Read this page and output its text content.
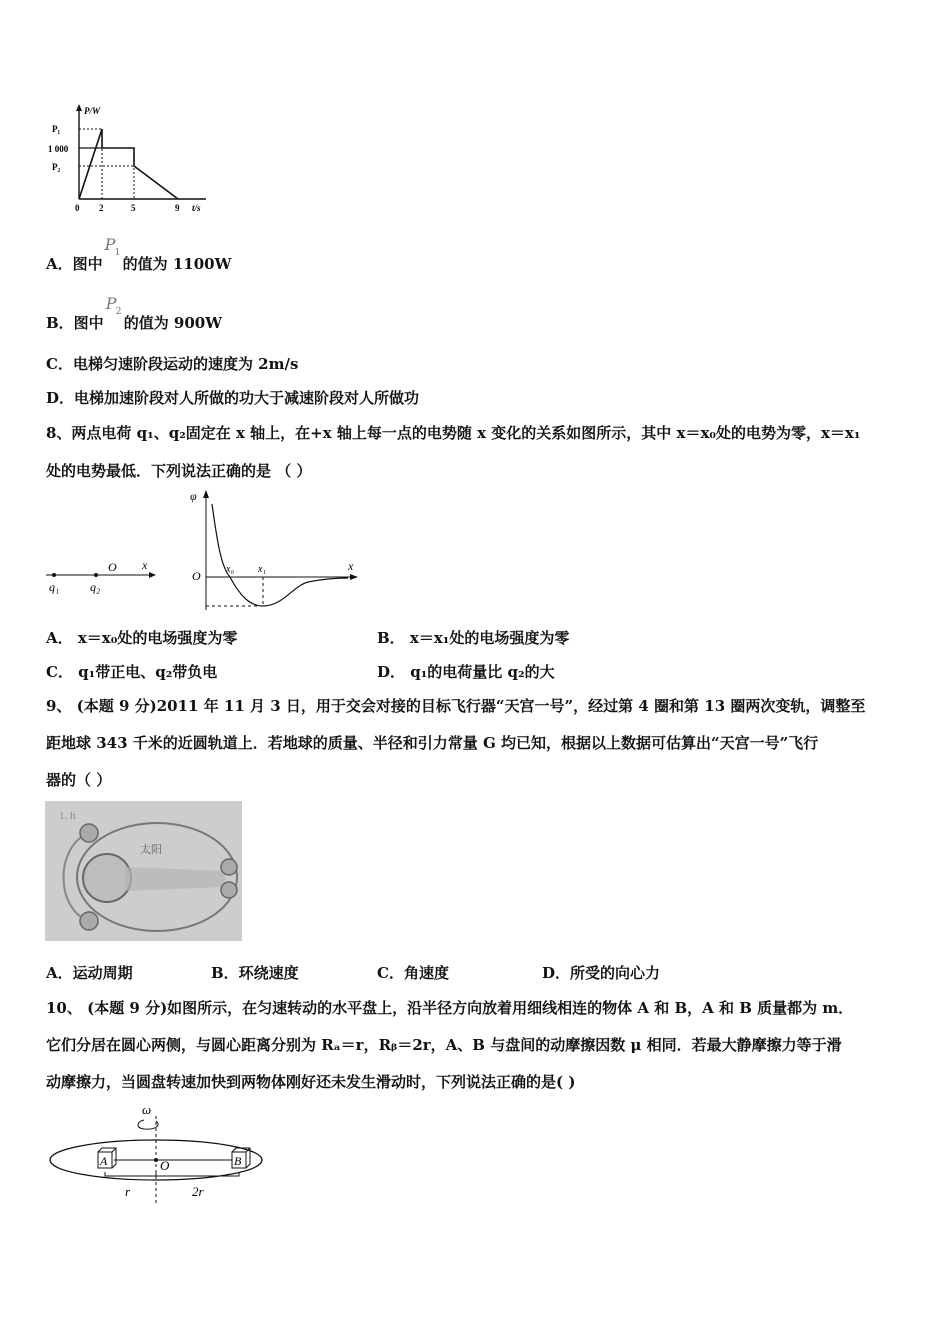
P/W
P₁
1 000
P₂
0 2	5	9 t/s
A．图中
P 1
的值为 1100W
B．图中
P 2
的值为 900W
C．电梯匀速阶段运动的速度为 2m/s
D．电梯加速阶段对人所做的功大于减速阶段对人所做功
8、两点电荷 q₁、q₂固定在 x 轴上，在+x 轴上每一点的电势随 x 变化的关系如图所示，其中 x＝x₀处的电势为零，x＝x₁
处的电势最低．下列说法正确的是 （ ）
q₁	q₂
O x
φ
O	x₀ x₁	x
A． x＝x₀处的电场强度为零	B． x＝x₁处的电场强度为零
C． q₁带正电、q₂带负电	D． q₁的电荷量比 q₂的大
9、 (本题 9 分)2011 年 11 月 3 日，用于交会对接的目标飞行器“天宫一号”，经过第 4 圈和第 13 圈两次变轨，调整至
距地球 343 千米的近圆轨道上．若地球的质量、半径和引力常量 G 均已知，根据以上数据可估算出“天宫一号”飞行
器的（ ）
太阳
1. h
A．运动周期	B．环绕速度	C．角速度	D．所受的向心力
10、 (本题 9 分)如图所示，在匀速转动的水平盘上，沿半径方向放着用细线相连的物体 A 和 B，A 和 B 质量都为 m．
它们分居在圆心两侧，与圆心距离分别为 Rₐ＝r，Rᵦ＝2r，A、B 与盘间的动摩擦因数 μ 相同．若最大静摩擦力等于滑
动摩擦力，当圆盘转速加快到两物体刚好还未发生滑动时，下列说法正确的是( )
ω
A	B
O
r	2r
